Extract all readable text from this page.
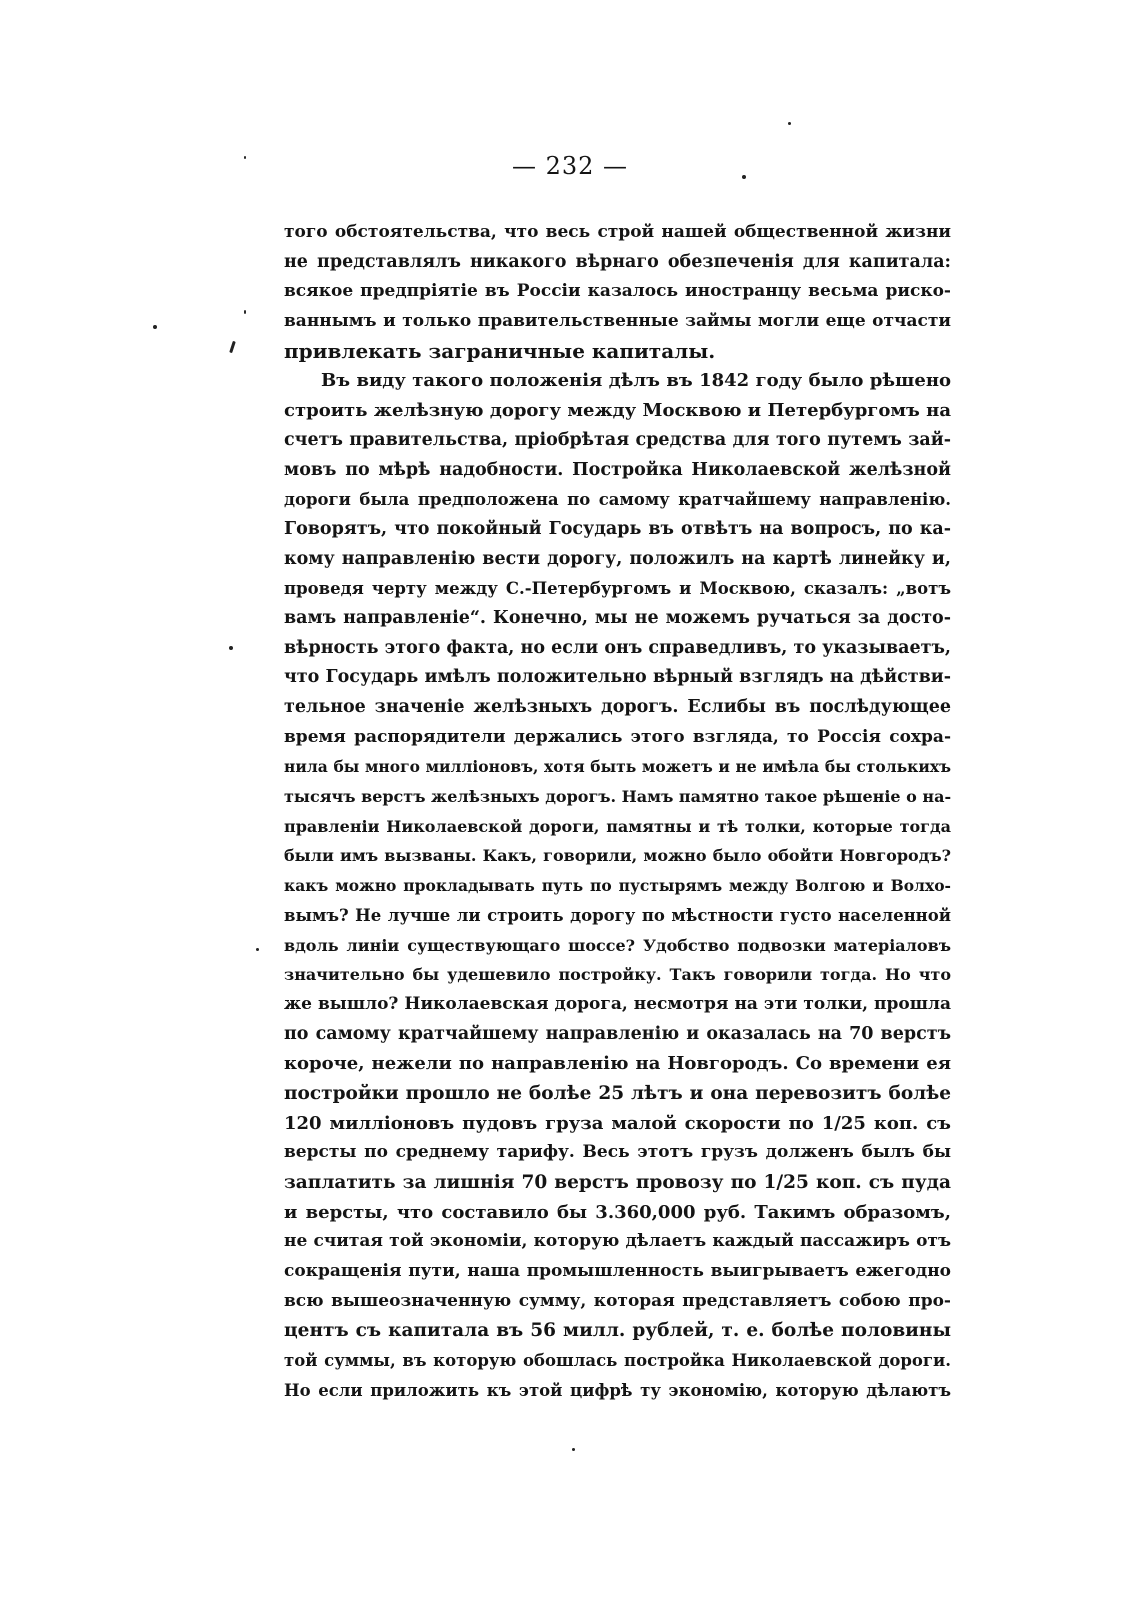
— 232 —
того обстоятельства, что весь строй нашей общественной жизни
не представлялъ никакого вѣрнаго обезпеченія для капитала:
всякое предпріятіе въ Россіи казалось иностранцу весьма риско-
ваннымъ и только правительственные займы могли еще отчасти
привлекать заграничные капиталы.
Въ виду такого положенія дѣлъ въ 1842 году было рѣшено
строить желѣзную дорогу между Москвою и Петербургомъ на
счетъ правительства, пріобрѣтая средства для того путемъ зай-
мовъ по мѣрѣ надобности. Постройка Николаевской желѣзной
дороги была предположена по самому кратчайшему направленію.
Говорятъ, что покойный Государь въ отвѣтъ на вопросъ, по ка-
кому направленію вести дорогу, положилъ на картѣ линейку и,
проведя черту между С.-Петербургомъ и Москвою, сказалъ: „вотъ
вамъ направленіе“. Конечно, мы не можемъ ручаться за досто-
вѣрность этого факта, но если онъ справедливъ, то указываетъ,
что Государь имѣлъ положительно вѣрный взглядъ на дѣйстви-
тельное значеніе желѣзныхъ дорогъ. Еслибы въ послѣдующее
время распорядители держались этого взгляда, то Россія сохра-
нила бы много милліоновъ, хотя быть можетъ и не имѣла бы столькихъ
тысячъ верстъ желѣзныхъ дорогъ. Намъ памятно такое рѣшеніе о на-
правленіи Николаевской дороги, памятны и тѣ толки, которые тогда
были имъ вызваны. Какъ, говорили, можно было обойти Новгородъ?
какъ можно прокладывать путь по пустырямъ между Волгою и Волхо-
вымъ? Не лучше ли строить дорогу по мѣстности густо населенной
вдоль линіи существующаго шоссе? Удобство подвозки матеріаловъ
значительно бы удешевило постройку. Такъ говорили тогда. Но что
же вышло? Николаевская дорога, несмотря на эти толки, прошла
по самому кратчайшему направленію и оказалась на 70 верстъ
короче, нежели по направленію на Новгородъ. Со времени ея
постройки прошло не болѣе 25 лѣтъ и она перевозитъ болѣе
120 милліоновъ пудовъ груза малой скорости по 1/25 коп. съ
версты по среднему тарифу. Весь этотъ грузъ долженъ былъ бы
заплатить за лишнія 70 верстъ провозу по 1/25 коп. съ пуда
и версты, что составило бы 3.360,000 руб. Такимъ образомъ,
не считая той экономіи, которую дѣлаетъ каждый пассажиръ отъ
сокращенія пути, наша промышленность выигрываетъ ежегодно
всю вышеозначенную сумму, которая представляетъ собою про-
центъ съ капитала въ 56 милл. рублей, т. е. болѣе половины
той суммы, въ которую обошлась постройка Николаевской дороги.
Но если приложить къ этой цифрѣ ту экономію, которую дѣлаютъ
